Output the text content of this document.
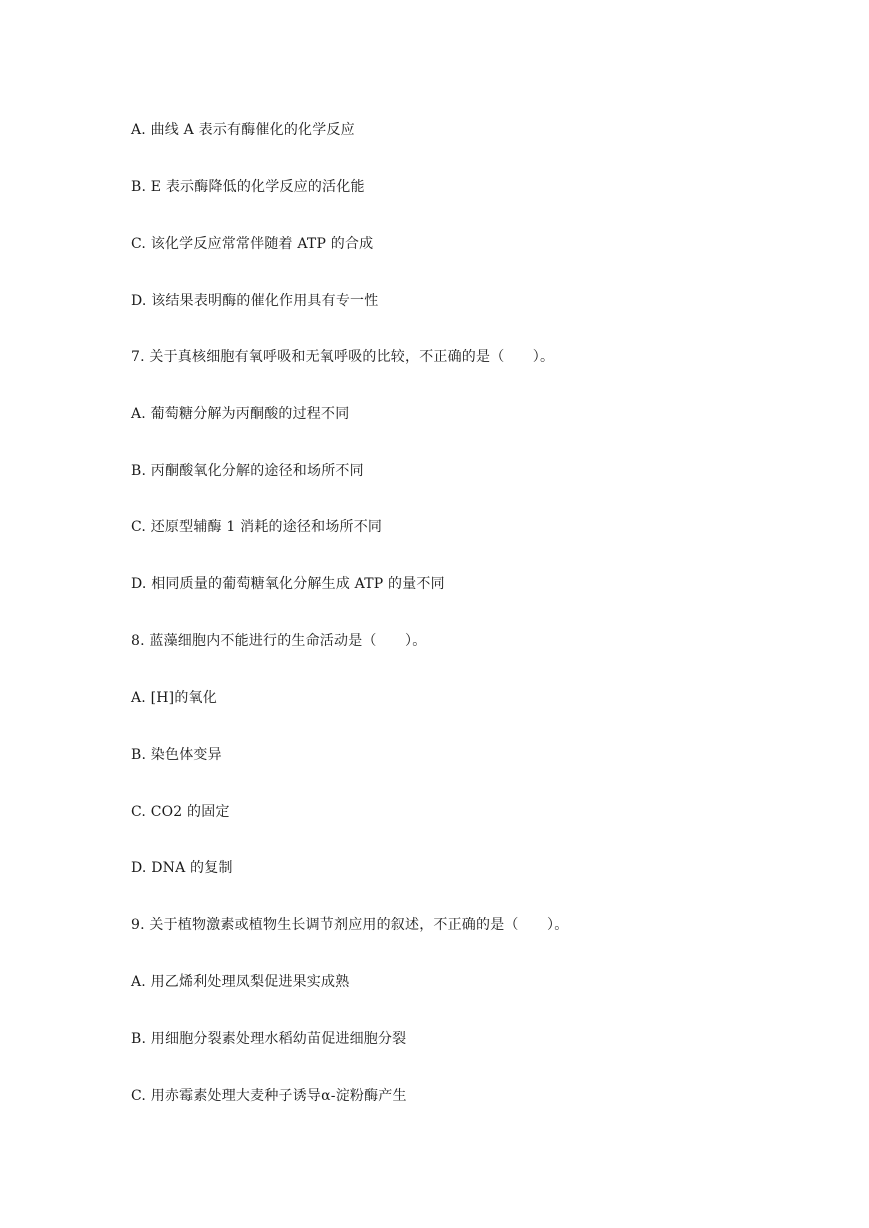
A. 曲线 A 表示有酶催化的化学反应
B. E 表示酶降低的化学反应的活化能
C. 该化学反应常常伴随着 ATP 的合成
D. 该结果表明酶的催化作用具有专一性
7. 关于真核细胞有氧呼吸和无氧呼吸的比较，不正确的是（　　）。
A. 葡萄糖分解为丙酮酸的过程不同
B. 丙酮酸氧化分解的途径和场所不同
C. 还原型辅酶 1 消耗的途径和场所不同
D. 相同质量的葡萄糖氧化分解生成 ATP 的量不同
8. 蓝藻细胞内不能进行的生命活动是（　　）。
A. [H]的氧化
B. 染色体变异
C. CO2 的固定
D. DNA 的复制
9. 关于植物激素或植物生长调节剂应用的叙述，不正确的是（　　）。
A. 用乙烯利处理凤梨促进果实成熟
B. 用细胞分裂素处理水稻幼苗促进细胞分裂
C. 用赤霉素处理大麦种子诱导α-淀粉酶产生
